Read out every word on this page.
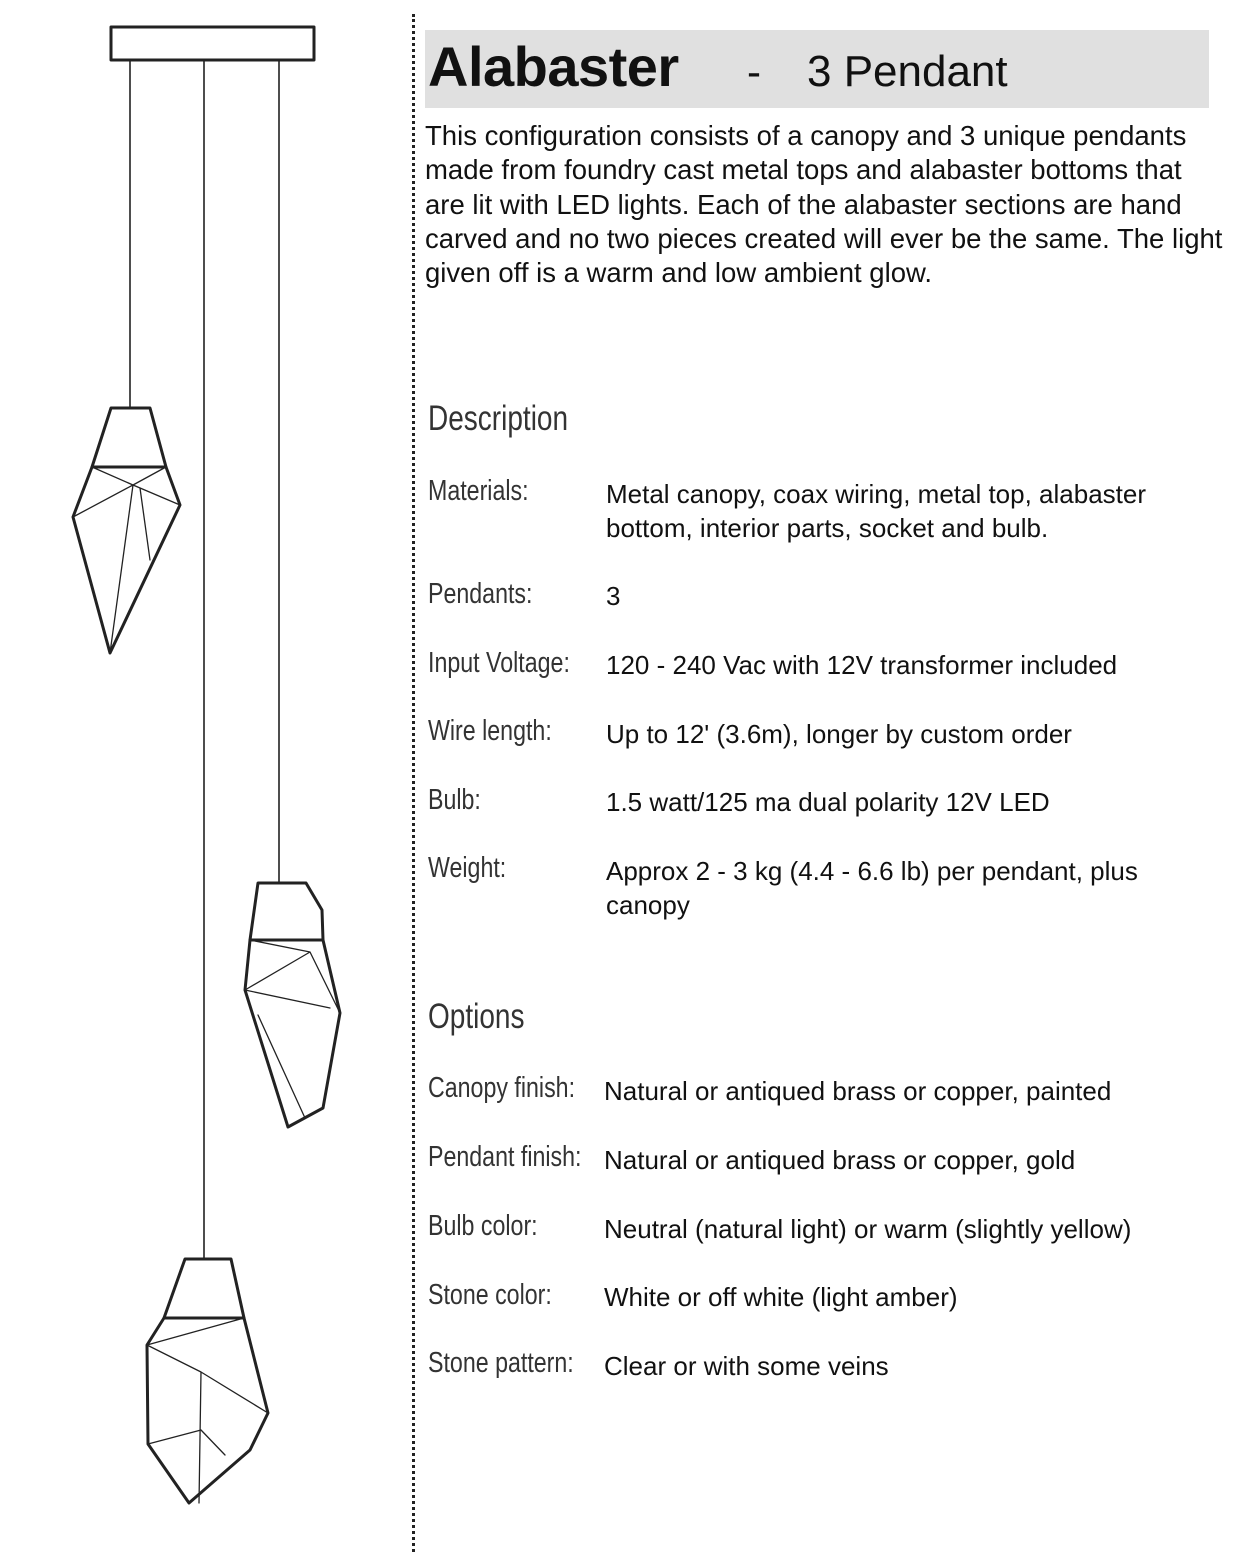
Alabaster - 3 Pendant
This configuration consists of a canopy and 3 unique pendants made from foundry cast metal tops and alabaster bottoms that are lit with LED lights. Each of the alabaster sections are hand carved and no two pieces created will ever be the same. The light given off is a warm and low ambient glow.
Description
Materials:	Metal canopy, coax wiring, metal top, alabaster bottom, interior parts, socket and bulb.
Pendants:	3
Input Voltage: 120 - 240 Vac with 12V transformer included
Wire length: Up to 12' (3.6m), longer by custom order
Bulb:	1.5 watt/125 ma dual polarity 12V LED
Weight:	Approx 2 - 3 kg (4.4 - 6.6 lb) per pendant, plus canopy
Options
Canopy finish: Natural or antiqued brass or copper, painted
Pendant finish: Natural or antiqued brass or copper, gold
Bulb color:	Neutral (natural light) or warm (slightly yellow)
Stone color: White or off white (light amber)
Stone pattern: Clear or with some veins
